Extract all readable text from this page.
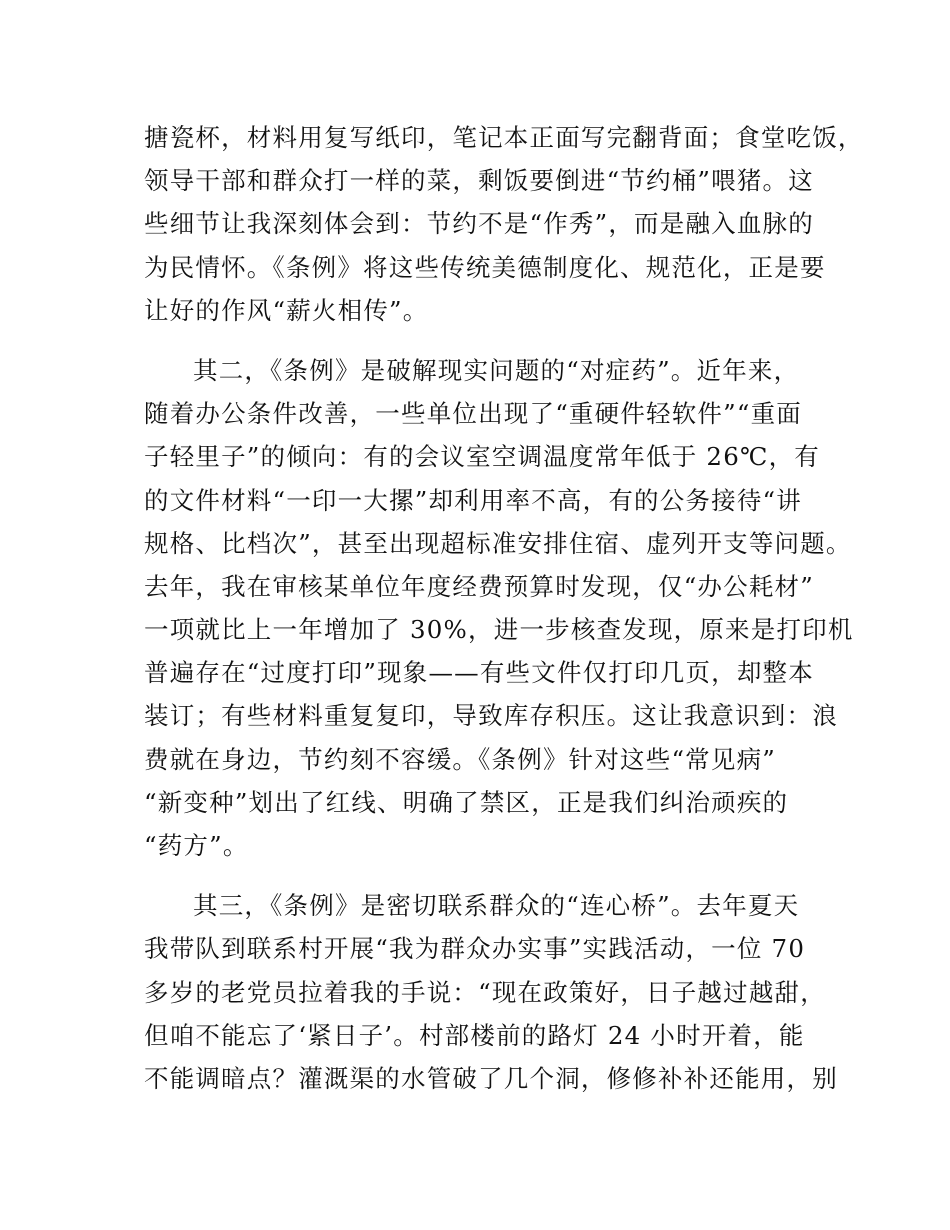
搪瓷杯，材料用复写纸印，笔记本正面写完翻背面；食堂吃饭，
领导干部和群众打一样的菜，剩饭要倒进“节约桶”喂猪。这
些细节让我深刻体会到：节约不是“作秀”，而是融入血脉的
为民情怀。《条例》将这些传统美德制度化、规范化，正是要
让好的作风“薪火相传”。
其二，《条例》是破解现实问题的“对症药”。近年来，
随着办公条件改善，一些单位出现了“重硬件轻软件”“重面
子轻里子”的倾向：有的会议室空调温度常年低于 26℃，有
的文件材料“一印一大摞”却利用率不高，有的公务接待“讲
规格、比档次”，甚至出现超标准安排住宿、虚列开支等问题。
去年，我在审核某单位年度经费预算时发现，仅“办公耗材”
一项就比上一年增加了 30%，进一步核查发现，原来是打印机
普遍存在“过度打印”现象——有些文件仅打印几页，却整本
装订；有些材料重复复印，导致库存积压。这让我意识到：浪
费就在身边，节约刻不容缓。《条例》针对这些“常见病”
“新变种”划出了红线、明确了禁区，正是我们纠治顽疾的
“药方”。
其三，《条例》是密切联系群众的“连心桥”。去年夏天
我带队到联系村开展“我为群众办实事”实践活动，一位 70
多岁的老党员拉着我的手说：“现在政策好，日子越过越甜，
但咱不能忘了‘紧日子’。村部楼前的路灯 24 小时开着，能
不能调暗点？灌溉渠的水管破了几个洞，修修补补还能用，别
